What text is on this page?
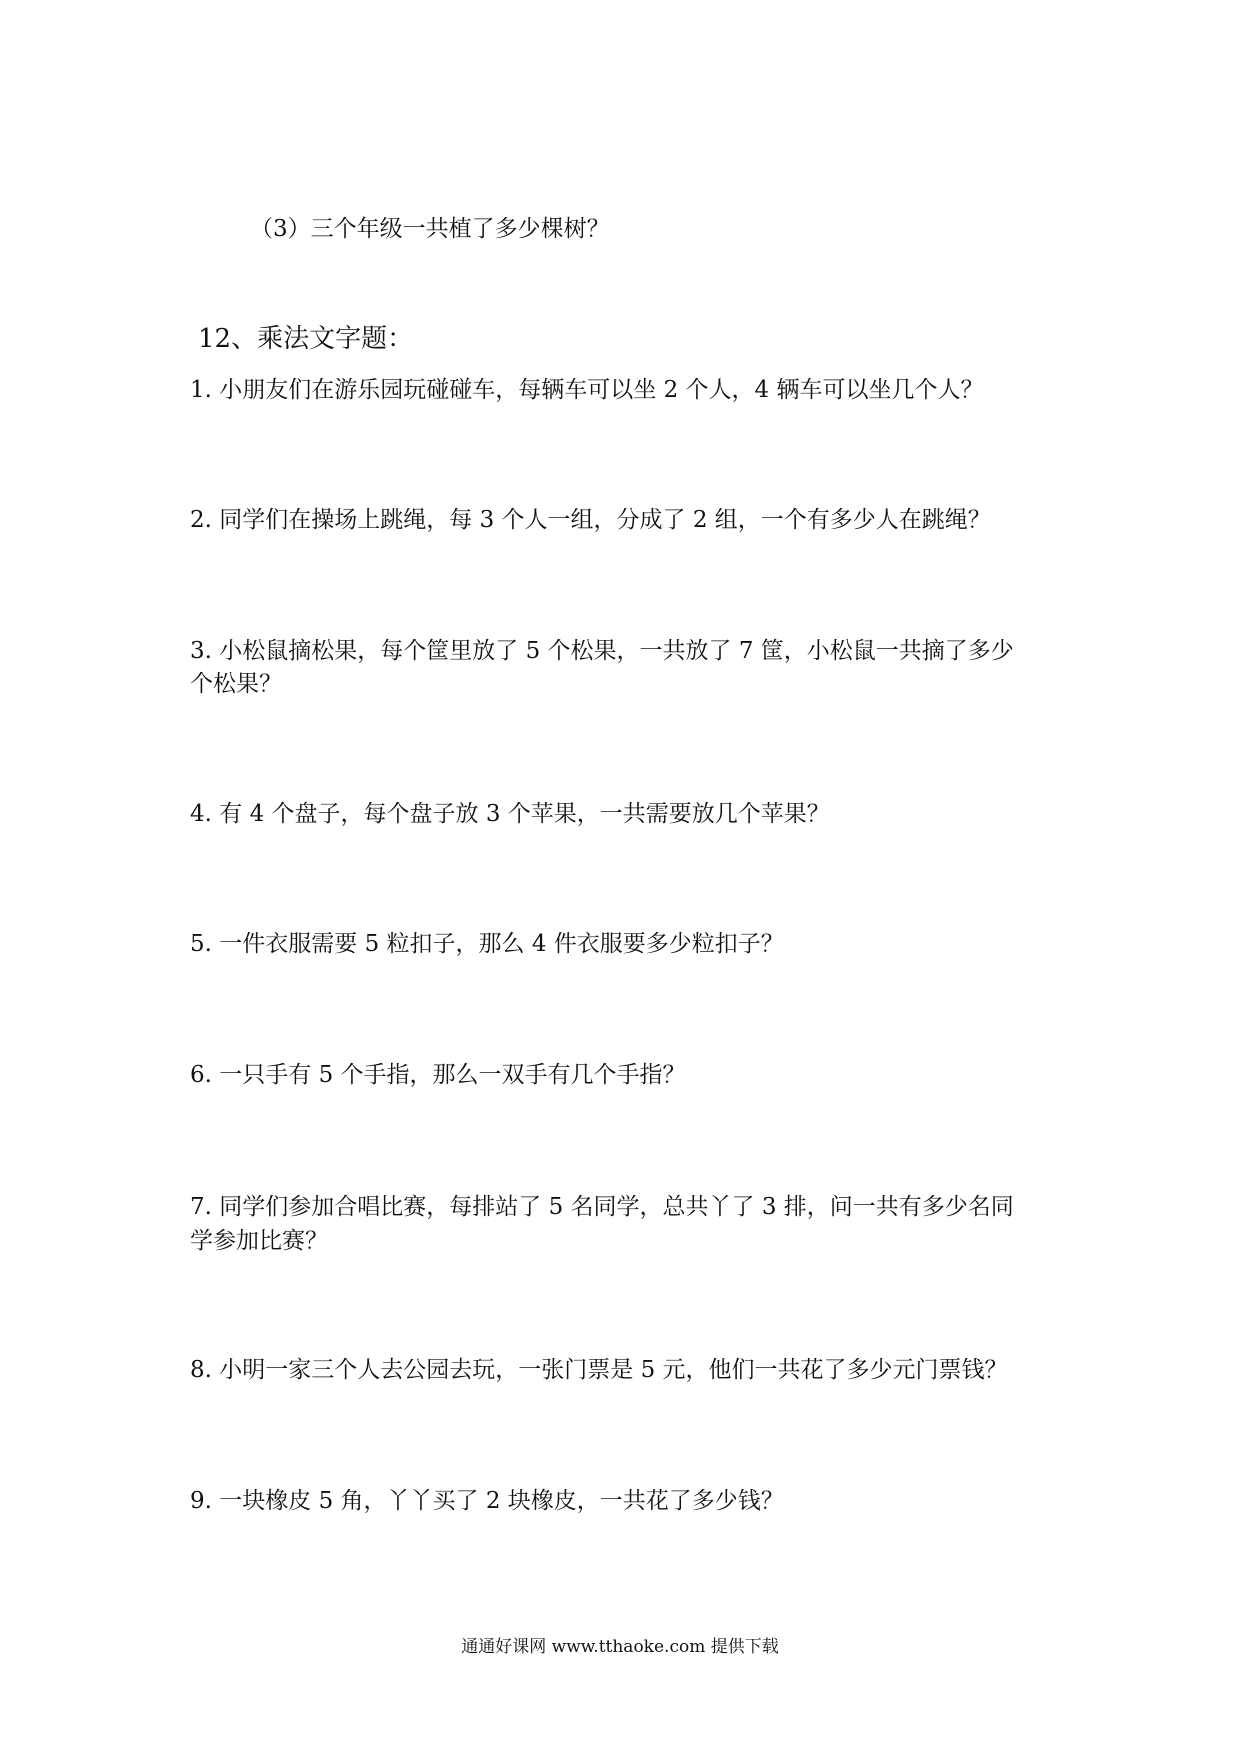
（3）三个年级一共植了多少棵树？
12、乘法文字题：
1. 小朋友们在游乐园玩碰碰车，每辆车可以坐 2 个人，4 辆车可以坐几个人？
2. 同学们在操场上跳绳，每 3 个人一组，分成了 2 组，一个有多少人在跳绳？
3. 小松鼠摘松果，每个筐里放了 5 个松果，一共放了 7 筐，小松鼠一共摘了多少
个松果？
4. 有 4 个盘子，每个盘子放 3 个苹果，一共需要放几个苹果？
5. 一件衣服需要 5 粒扣子，那么 4 件衣服要多少粒扣子？
6. 一只手有 5 个手指，那么一双手有几个手指？
7. 同学们参加合唱比赛，每排站了 5 名同学，总共丫了 3 排，问一共有多少名同
学参加比赛？
8. 小明一家三个人去公园去玩，一张门票是 5 元，他们一共花了多少元门票钱？
9. 一块橡皮 5 角，丫丫买了 2 块橡皮，一共花了多少钱？
通通好课网 www.tthaoke.com 提供下载
